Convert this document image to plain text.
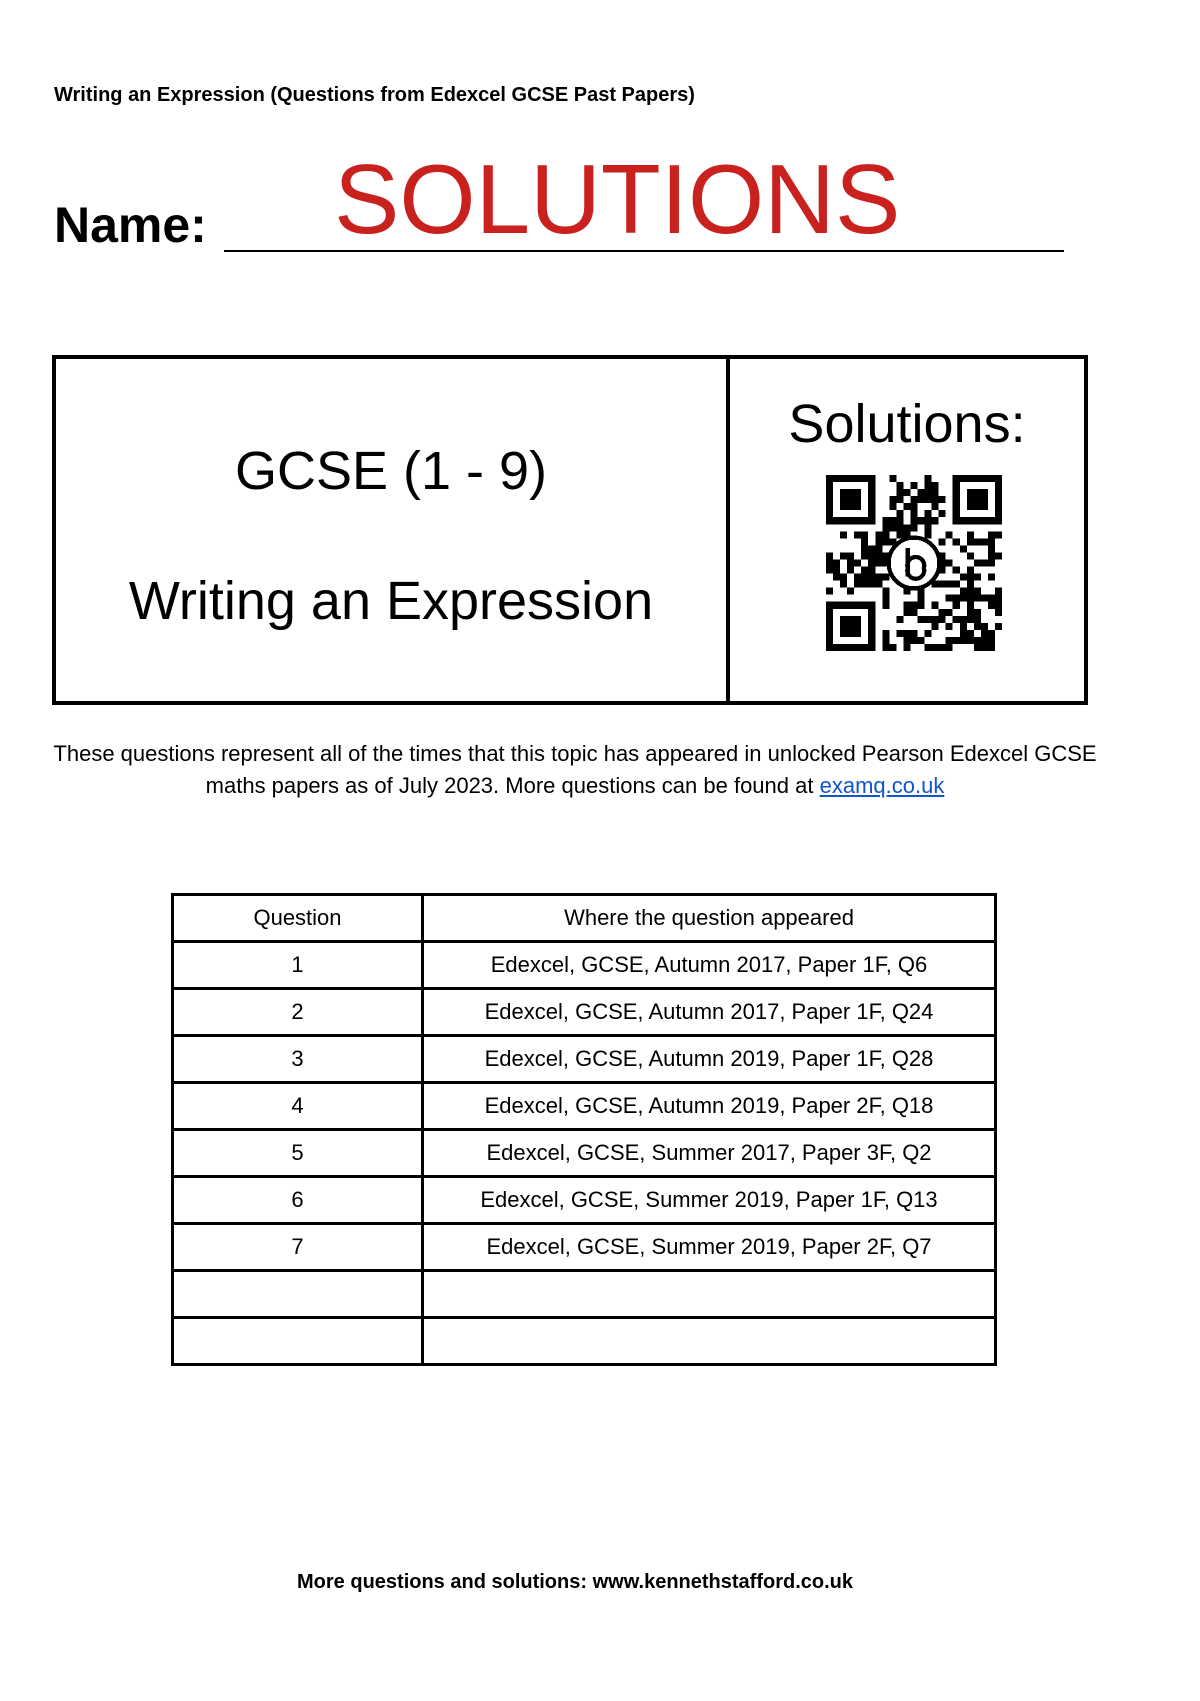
Writing an Expression (Questions from Edexcel GCSE Past Papers)
Name: SOLUTIONS
GCSE (1 - 9)
Writing an Expression
Solutions:
These questions represent all of the times that this topic has appeared in unlocked Pearson Edexcel GCSE maths papers as of July 2023. More questions can be found at examq.co.uk
Question	Where the question appeared
1	Edexcel, GCSE, Autumn 2017, Paper 1F, Q6
2	Edexcel, GCSE, Autumn 2017, Paper 1F, Q24
3	Edexcel, GCSE, Autumn 2019, Paper 1F, Q28
4	Edexcel, GCSE, Autumn 2019, Paper 2F, Q18
5	Edexcel, GCSE, Summer 2017, Paper 3F, Q2
6	Edexcel, GCSE, Summer 2019, Paper 1F, Q13
7	Edexcel, GCSE, Summer 2019, Paper 2F, Q7

More questions and solutions: www.kennethstafford.co.uk
